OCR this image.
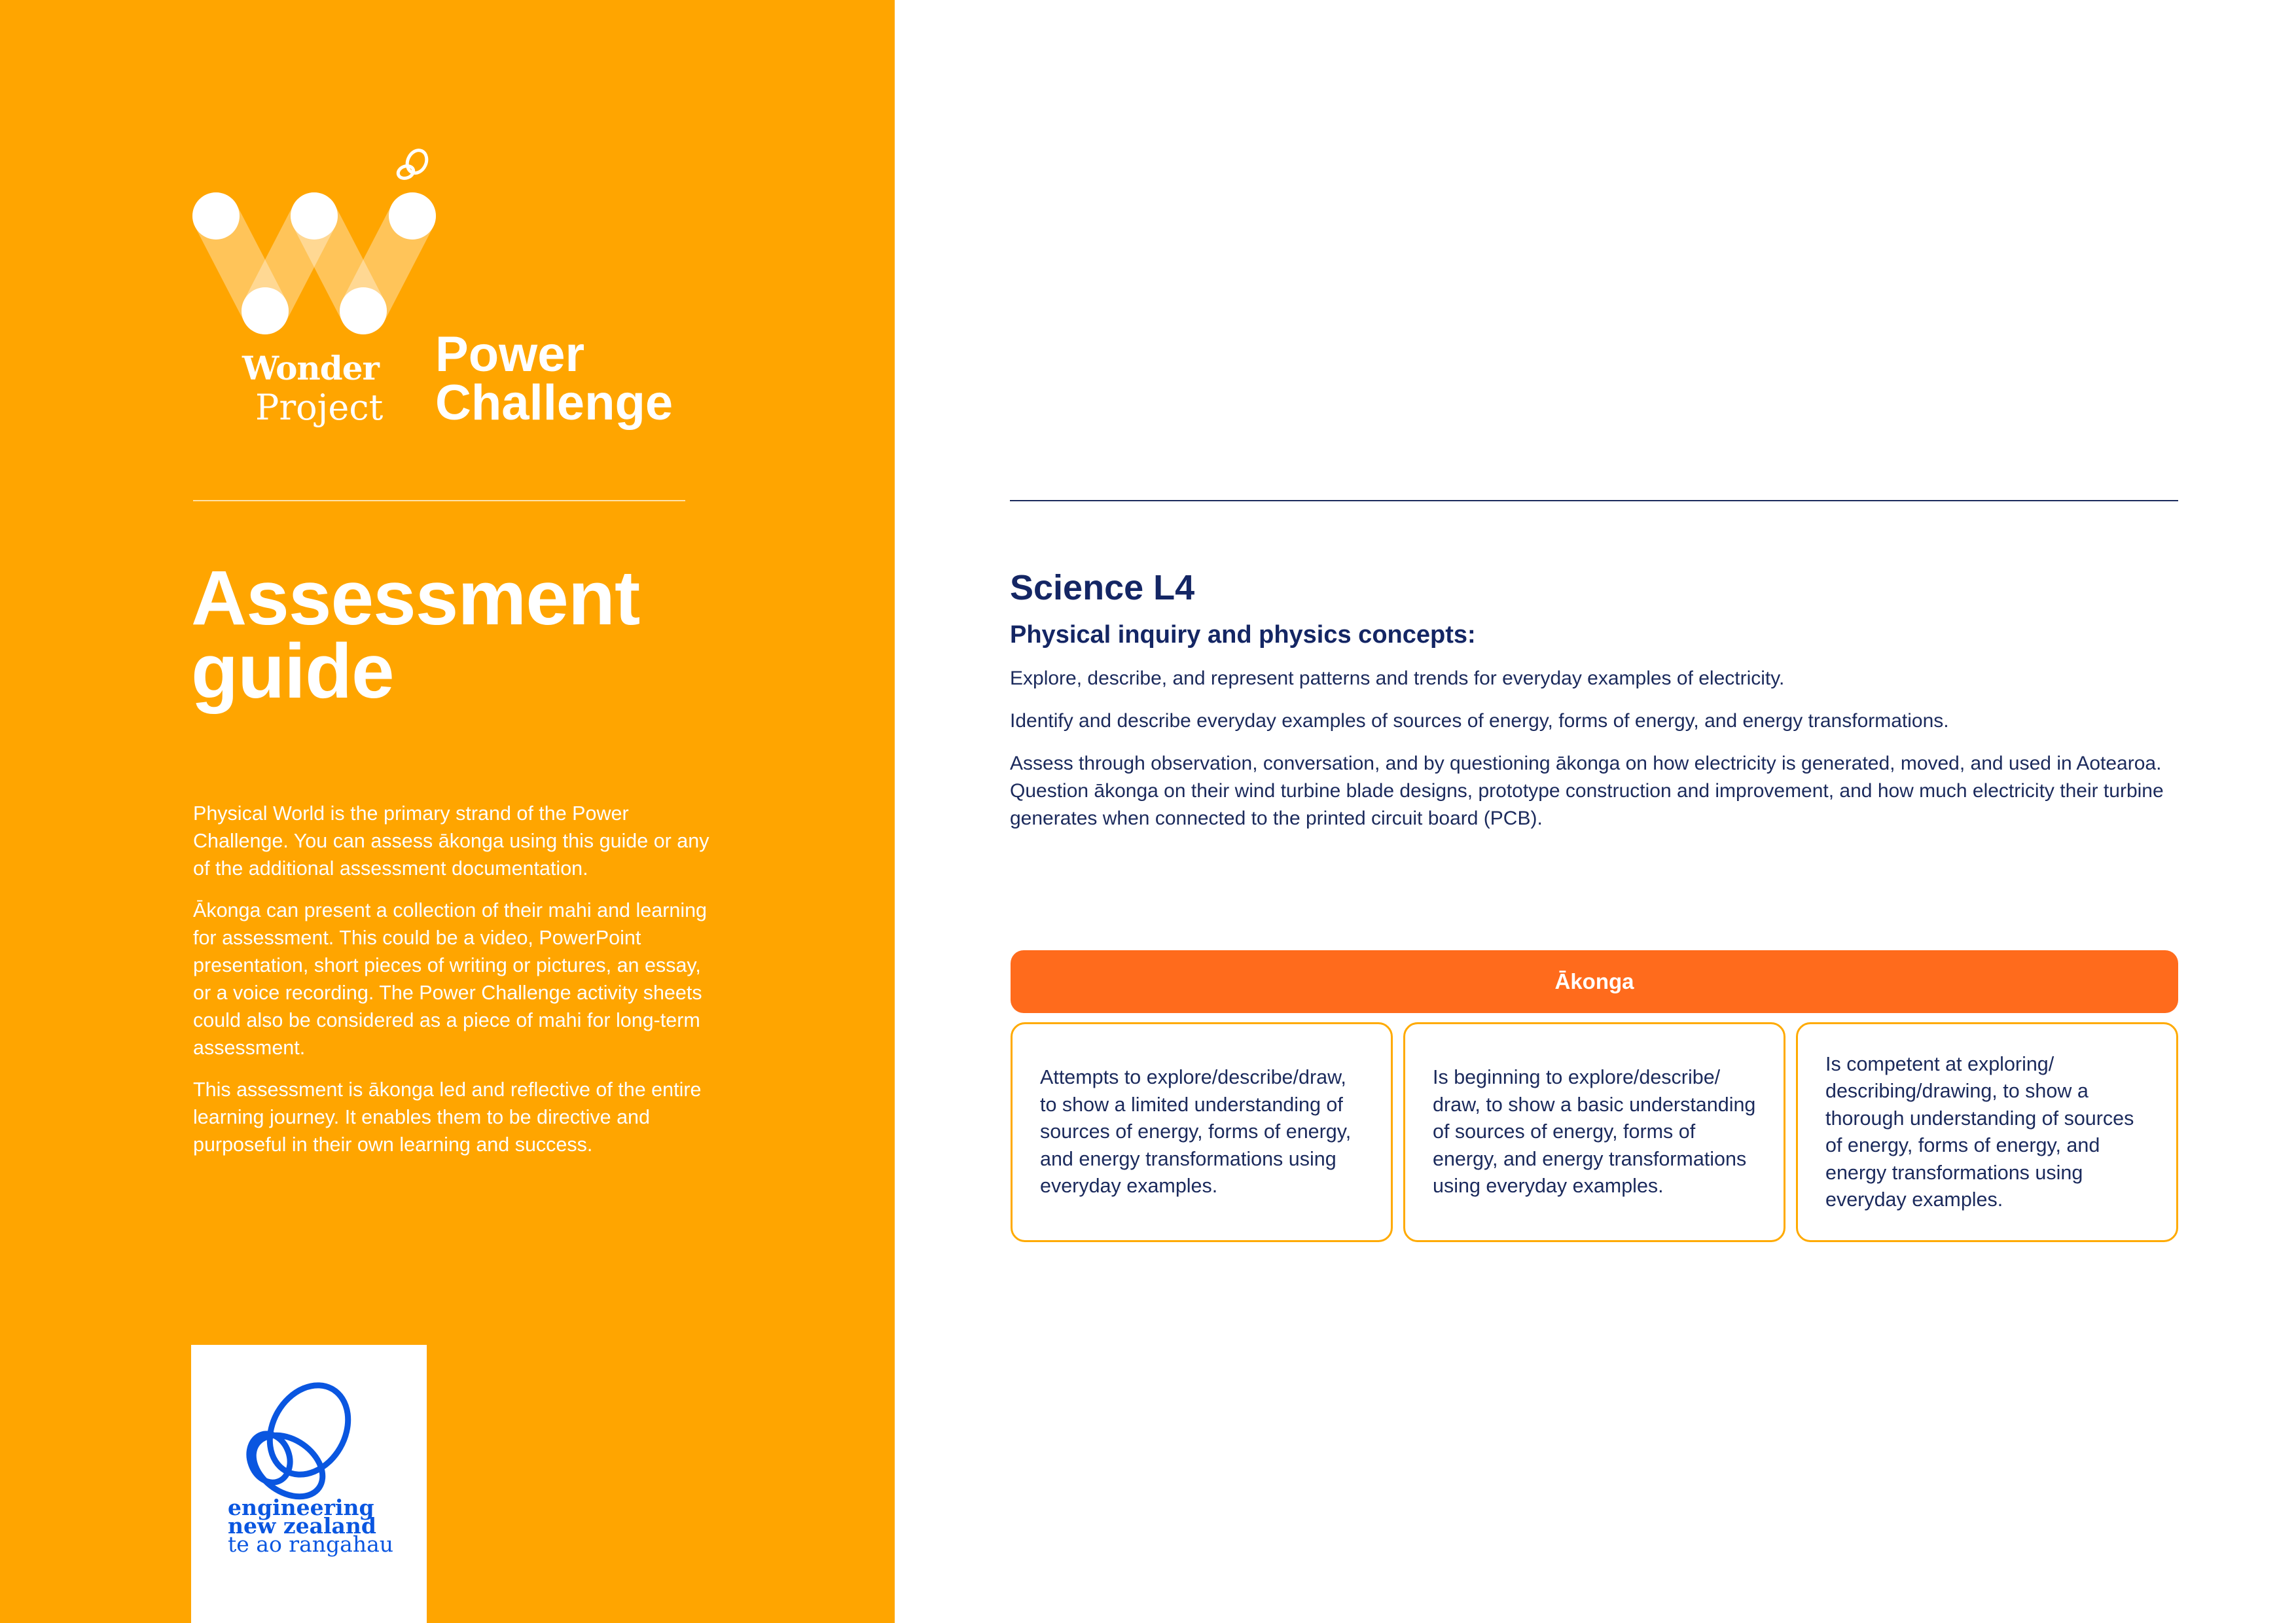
Wonder
Project
Power
Challenge
Assessment
guide

Physical World is the primary strand of the Power Challenge. You can assess ākonga using this guide or any of the additional assessment documentation.

Ākonga can present a collection of their mahi and learning for assessment. This could be a video, PowerPoint presentation, short pieces of writing or pictures, an essay, or a voice recording. The Power Challenge activity sheets could also be considered as a piece of mahi for long-term assessment.

This assessment is ākonga led and reflective of the entire learning journey. It enables them to be directive and purposeful in their own learning and success.

engineering
new zealand
te ao rangahau
Science L4
Physical inquiry and physics concepts:

Explore, describe, and represent patterns and trends for everyday examples of electricity.

Identify and describe everyday examples of sources of energy, forms of energy, and energy transformations.

Assess through observation, conversation, and by questioning ākonga on how electricity is generated, moved, and used in Aotearoa. Question ākonga on their wind turbine blade designs, prototype construction and improvement, and how much electricity their turbine generates when connected to the printed circuit board (PCB).

Ākonga
Attempts to explore/describe/draw, to show a limited understanding of sources of energy, forms of energy, and energy transformations using everyday examples.
Is beginning to explore/describe/ draw, to show a basic understanding of sources of energy, forms of energy, and energy transformations using everyday examples.
Is competent at exploring/ describing/drawing, to show a thorough understanding of sources of energy, forms of energy, and energy transformations using everyday examples.
